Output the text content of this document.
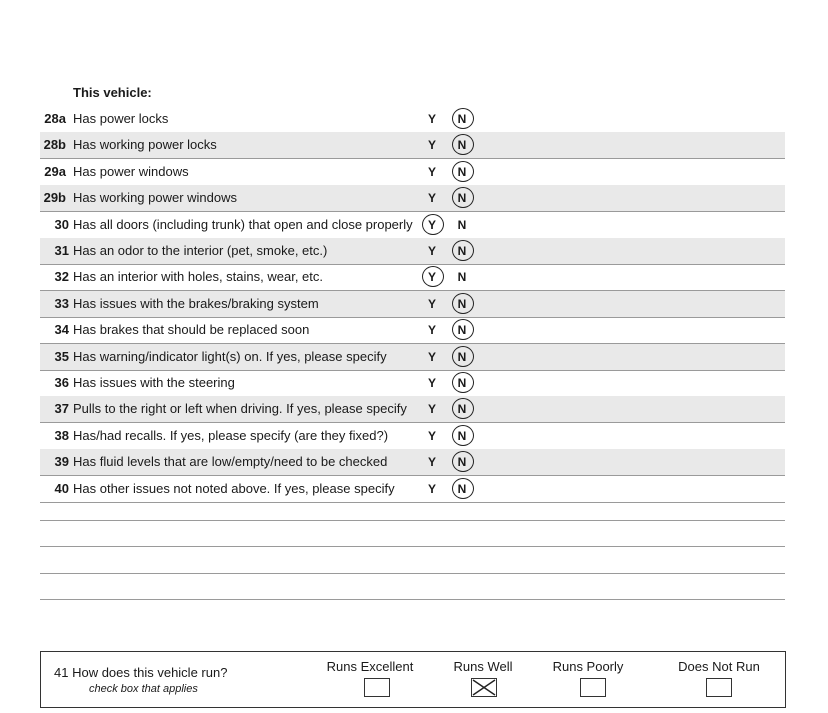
This vehicle:
28a Has power locks	Y	N
28b Has working power locks	Y	N
29a Has power windows	Y	N
29b Has working power windows	Y	N
30 Has all doors (including trunk) that open and close properly	Y	N
31 Has an odor to the interior (pet, smoke, etc.)	Y	N
32 Has an interior with holes, stains, wear, etc.	Y	N
33 Has issues with the brakes/braking system	Y	N
34 Has brakes that should be replaced soon	Y	N
35 Has warning/indicator light(s) on. If yes, please specify	Y	N
36 Has issues with the steering	Y	N
37 Pulls to the right or left when driving. If yes, please specify	Y	N
38 Has/had recalls. If yes, please specify (are they fixed?)	Y	N
39 Has fluid levels that are low/empty/need to be checked	Y	N
40 Has other issues not noted above. If yes, please specify	Y	N
41 How does this vehicle run?
check box that applies
Runs Excellent	Runs Well	Runs Poorly	Does Not Run
